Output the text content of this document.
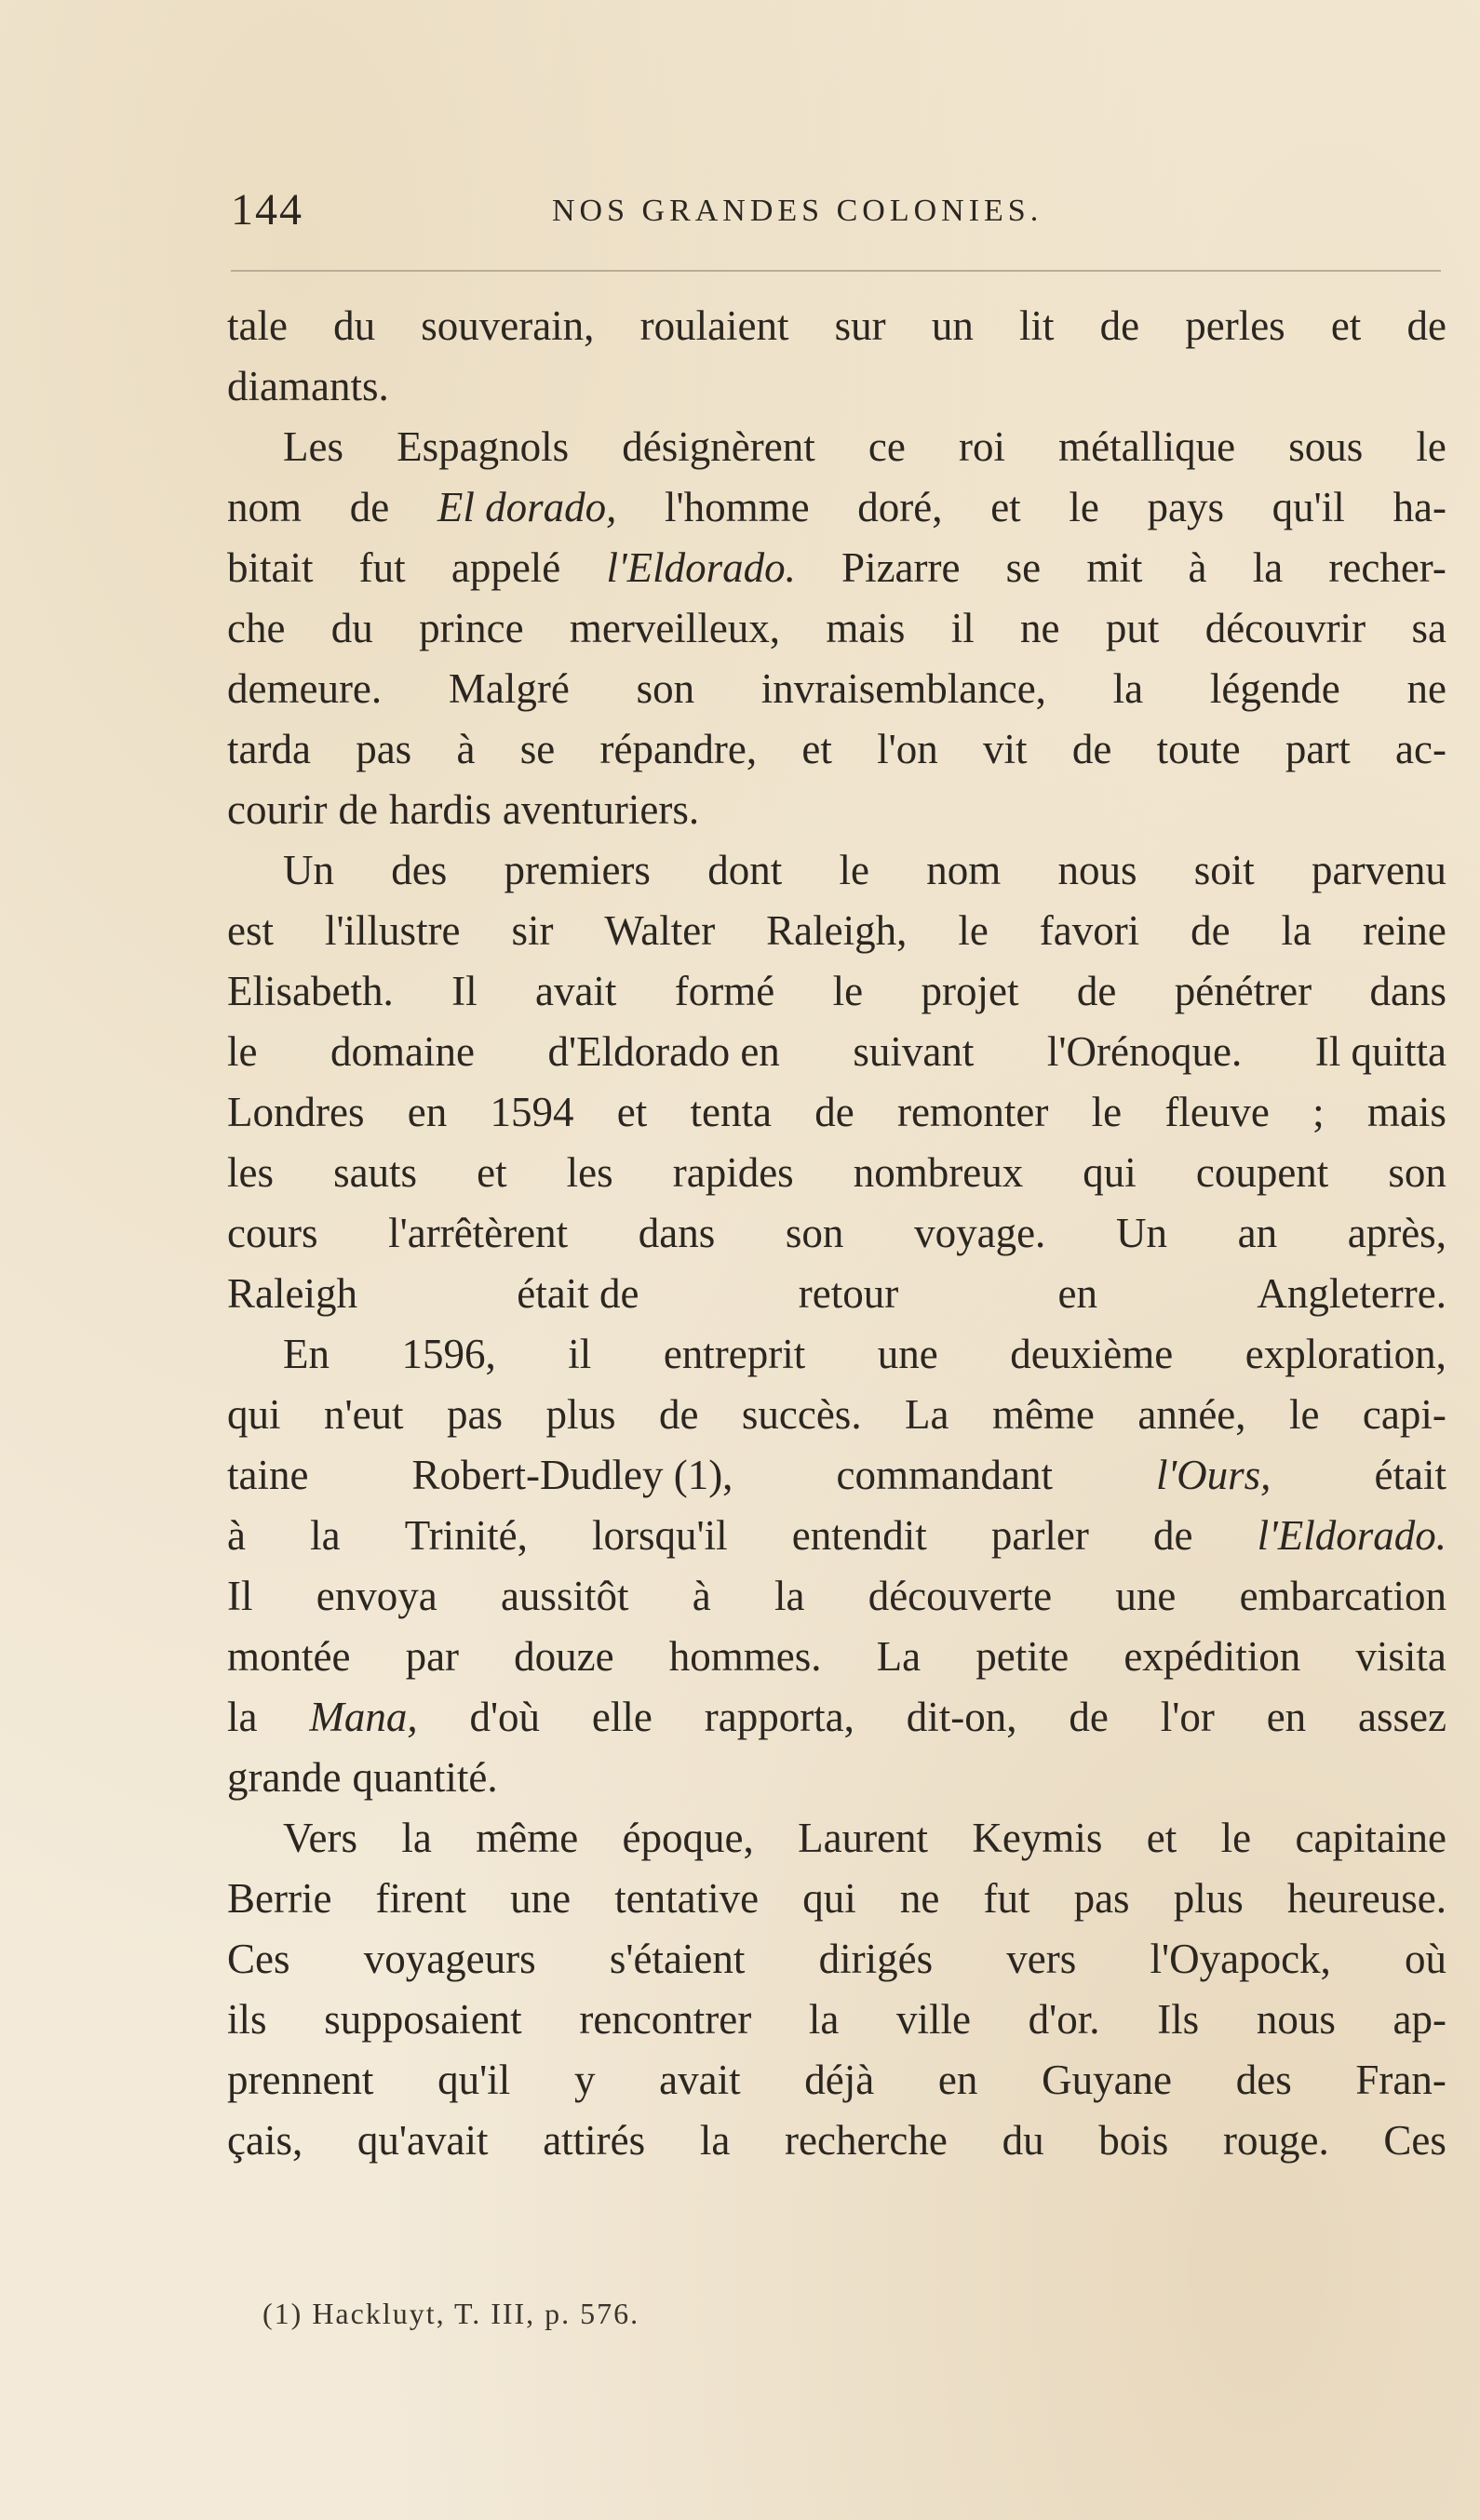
144	NOS GRANDES COLONIES.
tale du souverain, roulaient sur un lit de perles et de
diamants.
Les Espagnols désignèrent ce roi métallique sous le
nom de El dorado, l'homme doré, et le pays qu'il ha-
bitait fut appelé l'Eldorado. Pizarre se mit à la recher-
che du prince merveilleux, mais il ne put découvrir sa
demeure. Malgré son invraisemblance, la légende ne
tarda pas à se répandre, et l'on vit de toute part ac-
courir de hardis aventuriers.
Un des premiers dont le nom nous soit parvenu
est l'illustre sir Walter Raleigh, le favori de la reine
Elisabeth. Il avait formé le projet de pénétrer dans
le domaine d'Eldorado en suivant l'Orénoque. Il quitta
Londres en 1594 et tenta de remonter le fleuve ; mais
les sauts et les rapides nombreux qui coupent son
cours l'arrêtèrent dans son voyage. Un an après,
Raleigh	était de	retour	en	Angleterre.
En 1596, il entreprit une deuxième exploration,
qui n'eut pas plus de succès. La même année, le capi-
taine Robert-Dudley (1), commandant l'Ours, était
à la Trinité, lorsqu'il entendit parler de l'Eldorado.
Il envoya aussitôt à la découverte une embarcation
montée par douze hommes. La petite expédition visita
la Mana, d'où elle rapporta, dit-on, de l'or en assez
grande quantité.
Vers la même époque, Laurent Keymis et le capitaine
Berrie firent une tentative qui ne fut pas plus heureuse.
Ces voyageurs s'étaient dirigés vers l'Oyapock, où
ils supposaient rencontrer la ville d'or. Ils nous ap-
prennent qu'il y avait déjà en Guyane des Fran-
çais, qu'avait attirés la recherche du bois rouge. Ces
(1) Hackluyt, T. III, p. 576.
